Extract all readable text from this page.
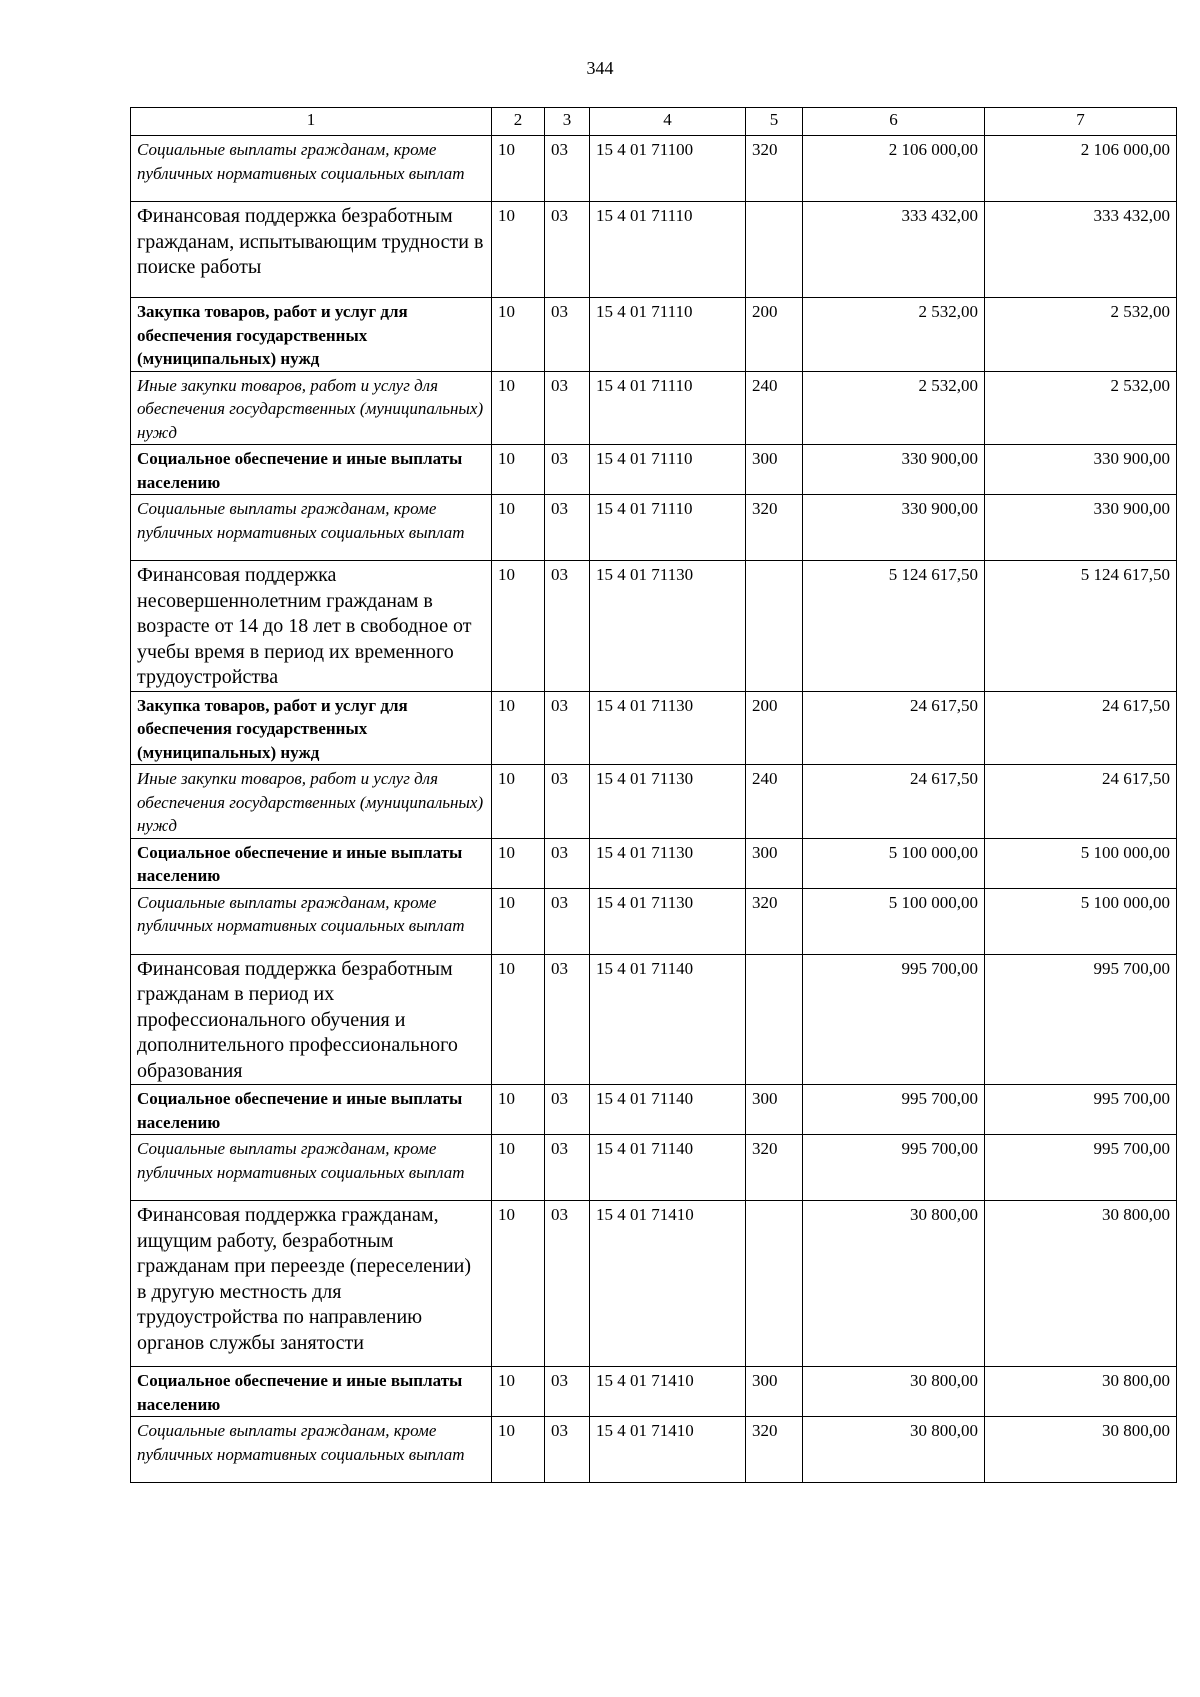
344
1	2	3	4	5	6	7
Социальные выплаты гражданам, кроме публичных нормативных социальных выплат	10	03	15 4 01 71100	320	2 106 000,00	2 106 000,00
Финансовая поддержка безработным гражданам, испытывающим трудности в поиске работы	10	03	15 4 01 71110		333 432,00	333 432,00
Закупка товаров, работ и услуг для обеспечения государственных (муниципальных) нужд	10	03	15 4 01 71110	200	2 532,00	2 532,00
Иные закупки товаров, работ и услуг для обеспечения государственных (муниципальных) нужд	10	03	15 4 01 71110	240	2 532,00	2 532,00
Социальное обеспечение и иные выплаты населению	10	03	15 4 01 71110	300	330 900,00	330 900,00
Социальные выплаты гражданам, кроме публичных нормативных социальных выплат	10	03	15 4 01 71110	320	330 900,00	330 900,00
Финансовая поддержка несовершеннолетним гражданам в возрасте от 14 до 18 лет в свободное от учебы время в период их временного трудоустройства	10	03	15 4 01 71130		5 124 617,50	5 124 617,50
Закупка товаров, работ и услуг для обеспечения государственных (муниципальных) нужд	10	03	15 4 01 71130	200	24 617,50	24 617,50
Иные закупки товаров, работ и услуг для обеспечения государственных (муниципальных) нужд	10	03	15 4 01 71130	240	24 617,50	24 617,50
Социальное обеспечение и иные выплаты населению	10	03	15 4 01 71130	300	5 100 000,00	5 100 000,00
Социальные выплаты гражданам, кроме публичных нормативных социальных выплат	10	03	15 4 01 71130	320	5 100 000,00	5 100 000,00
Финансовая поддержка безработным гражданам в период их профессионального обучения и дополнительного профессионального образования	10	03	15 4 01 71140		995 700,00	995 700,00
Социальное обеспечение и иные выплаты населению	10	03	15 4 01 71140	300	995 700,00	995 700,00
Социальные выплаты гражданам, кроме публичных нормативных социальных выплат	10	03	15 4 01 71140	320	995 700,00	995 700,00
Финансовая поддержка гражданам, ищущим работу, безработным гражданам при переезде (переселении) в другую местность для трудоустройства по направлению органов службы занятости	10	03	15 4 01 71410		30 800,00	30 800,00
Социальное обеспечение и иные выплаты населению	10	03	15 4 01 71410	300	30 800,00	30 800,00
Социальные выплаты гражданам, кроме публичных нормативных социальных выплат	10	03	15 4 01 71410	320	30 800,00	30 800,00
